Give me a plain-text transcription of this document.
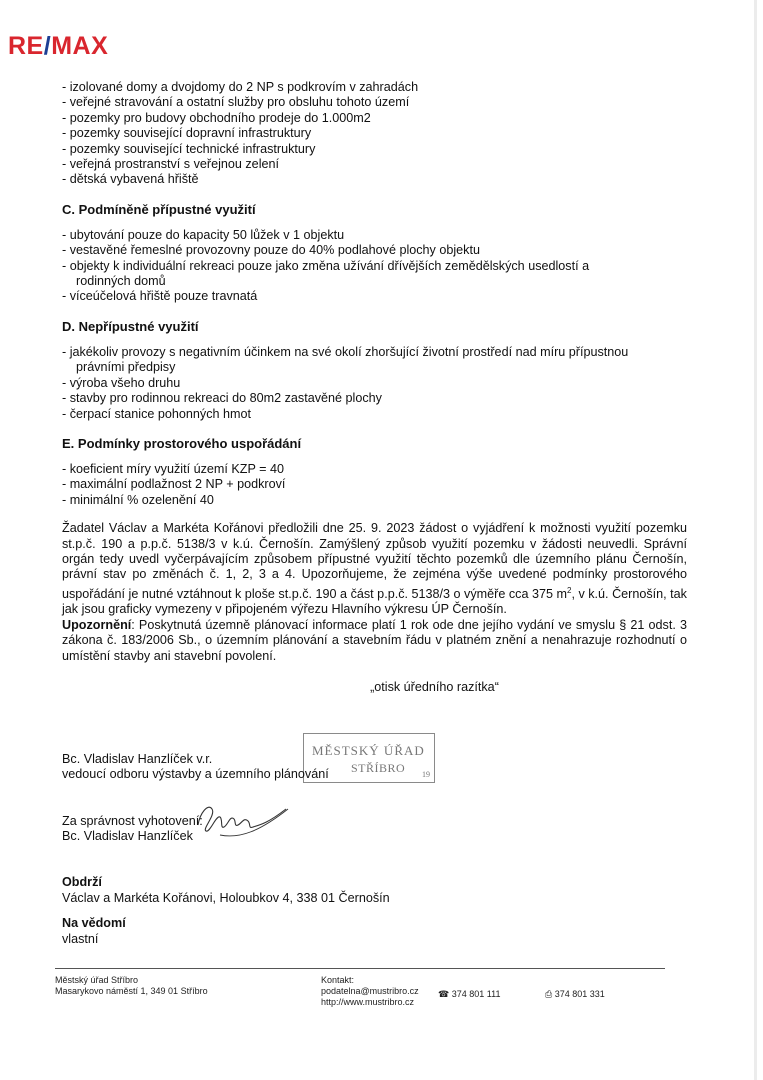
RE/MAX
- izolované domy a dvojdomy do 2 NP s podkrovím v zahradách
- veřejné stravování a ostatní služby pro obsluhu tohoto území
- pozemky pro budovy obchodního prodeje do 1.000m2
- pozemky související dopravní infrastruktury
- pozemky související technické infrastruktury
- veřejná prostranství s veřejnou zelení
- dětská vybavená hřiště
C. Podmíněně přípustné využití
- ubytování pouze do kapacity 50 lůžek v 1 objektu
- vestavěné řemeslné provozovny pouze do 40% podlahové plochy objektu
- objekty k individuální rekreaci pouze jako změna užívání dřívějších zemědělských usedlostí a
rodinných domů
- víceúčelová hřiště pouze travnatá
D. Nepřípustné využití
- jakékoliv provozy s negativním účinkem na své okolí zhoršující životní prostředí nad míru přípustnou
právními předpisy
- výroba všeho druhu
- stavby pro rodinnou rekreaci do 80m2 zastavěné plochy
- čerpací stanice pohonných hmot
E. Podmínky prostorového uspořádání
- koeficient míry využití území KZP = 40
- maximální podlažnost 2 NP + podkroví
- minimální % ozelenění 40

Žadatel Václav a Markéta Kořánovi předložili dne 25. 9. 2023 žádost o vyjádření k možnosti využití pozemku st.p.č. 190 a p.p.č. 5138/3 v k.ú. Černošín. Zamýšlený způsob využití pozemku v žádosti neuvedli. Správní orgán tedy uvedl vyčerpávajícím způsobem přípustné využití těchto pozemků dle územního plánu Černošín, právní stav po změnách č. 1, 2, 3 a 4. Upozorňujeme, že zejména výše uvedené podmínky prostorového uspořádání je nutné vztáhnout k ploše st.p.č. 190 a část p.p.č. 5138/3 o výměře cca 375 $m^2$, v k.ú. Černošín, tak jak jsou graficky vymezeny v připojeném výřezu Hlavního výkresu ÚP Černošín.

Upozornění: Poskytnutá územně plánovací informace platí 1 rok ode dne jejího vydání ve smyslu § 21 odst. 3 zákona č. 183/2006 Sb., o územním plánování a stavebním řádu v platném znění a nenahrazuje rozhodnutí o umístění stavby ani stavební povolení.

„otisk úředního razítka“
MĚSTSKÝ ÚŘAD
STŘÍBRO 19
Bc. Vladislav Hanzlíček v.r.
vedoucí odboru výstavby a územního plánování
Za správnost vyhotovení:
Bc. Vladislav Hanzlíček
Obdrží
Václav a Markéta Kořánovi, Holoubkov 4, 338 01 Černošín
Na vědomí
vlastní
Městský úřad Stříbro
Masarykovo náměstí 1, 349 01 Stříbro
Kontakt:
podatelna@mustribro.cz
http://www.mustribro.cz
☎ 374 801 111	⎙ 374 801 331
